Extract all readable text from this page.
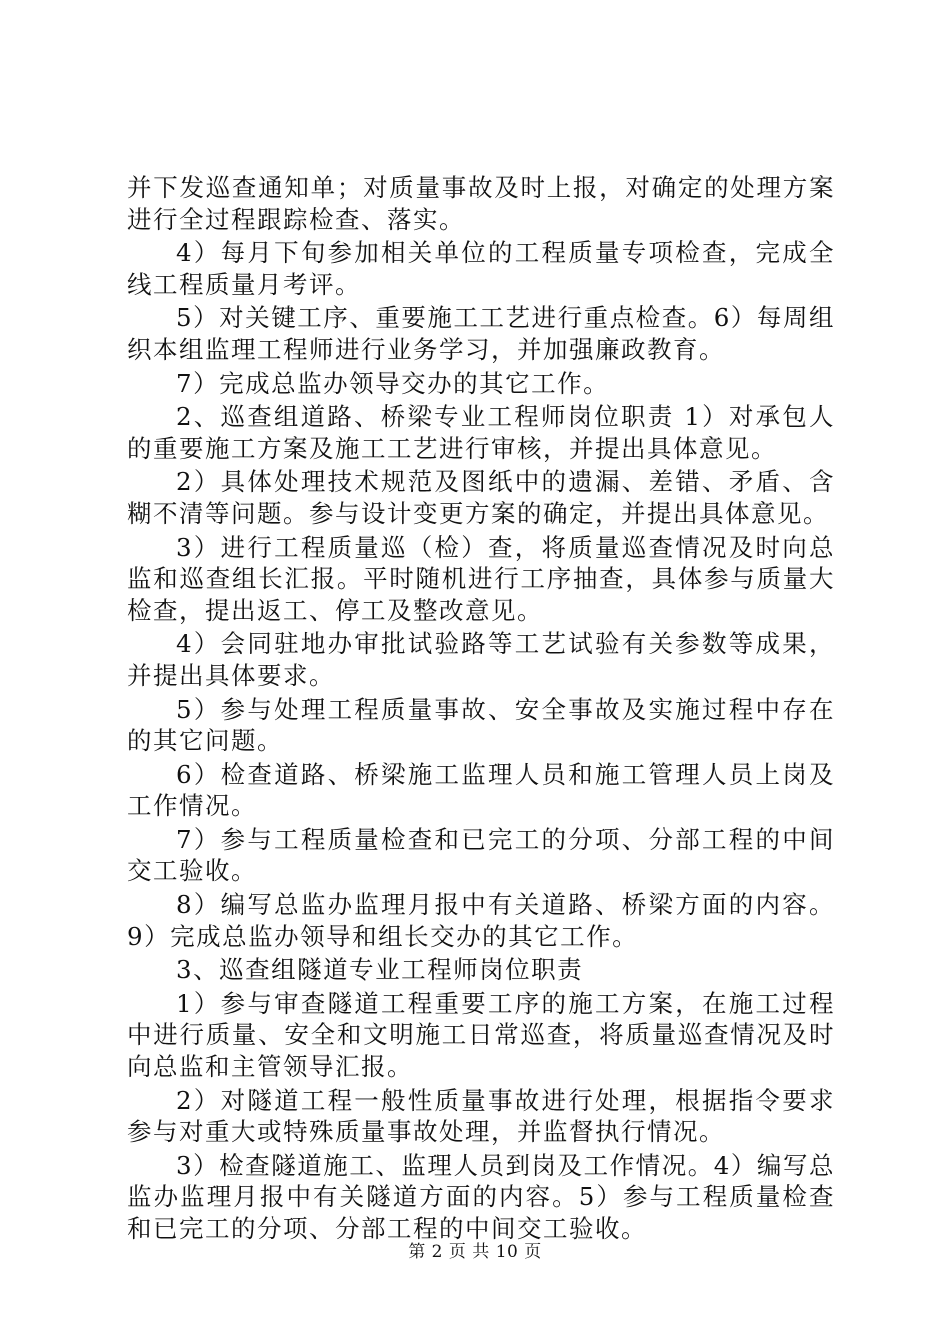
并下发巡查通知单；对质量事故及时上报，对确定的处理方案进行全过程跟踪检查、落实。

4）每月下旬参加相关单位的工程质量专项检查，完成全线工程质量月考评。

5）对关键工序、重要施工工艺进行重点检查。6）每周组织本组监理工程师进行业务学习，并加强廉政教育。

7）完成总监办领导交办的其它工作。

2、巡查组道路、桥梁专业工程师岗位职责 1）对承包人的重要施工方案及施工工艺进行审核，并提出具体意见。

2）具体处理技术规范及图纸中的遗漏、差错、矛盾、含糊不清等问题。参与设计变更方案的确定，并提出具体意见。

3）进行工程质量巡（检）查，将质量巡查情况及时向总监和巡查组长汇报。平时随机进行工序抽查，具体参与质量大检查，提出返工、停工及整改意见。

4）会同驻地办审批试验路等工艺试验有关参数等成果，并提出具体要求。

5）参与处理工程质量事故、安全事故及实施过程中存在的其它问题。

6）检查道路、桥梁施工监理人员和施工管理人员上岗及工作情况。

7）参与工程质量检查和已完工的分项、分部工程的中间交工验收。

8）编写总监办监理月报中有关道路、桥梁方面的内容。9）完成总监办领导和组长交办的其它工作。

3、巡查组隧道专业工程师岗位职责

1）参与审查隧道工程重要工序的施工方案，在施工过程中进行质量、安全和文明施工日常巡查，将质量巡查情况及时向总监和主管领导汇报。

2）对隧道工程一般性质量事故进行处理，根据指令要求参与对重大或特殊质量事故处理，并监督执行情况。

3）检查隧道施工、监理人员到岗及工作情况。4）编写总监办监理月报中有关隧道方面的内容。5）参与工程质量检查和已完工的分项、分部工程的中间交工验收。

第 2 页 共 10 页
